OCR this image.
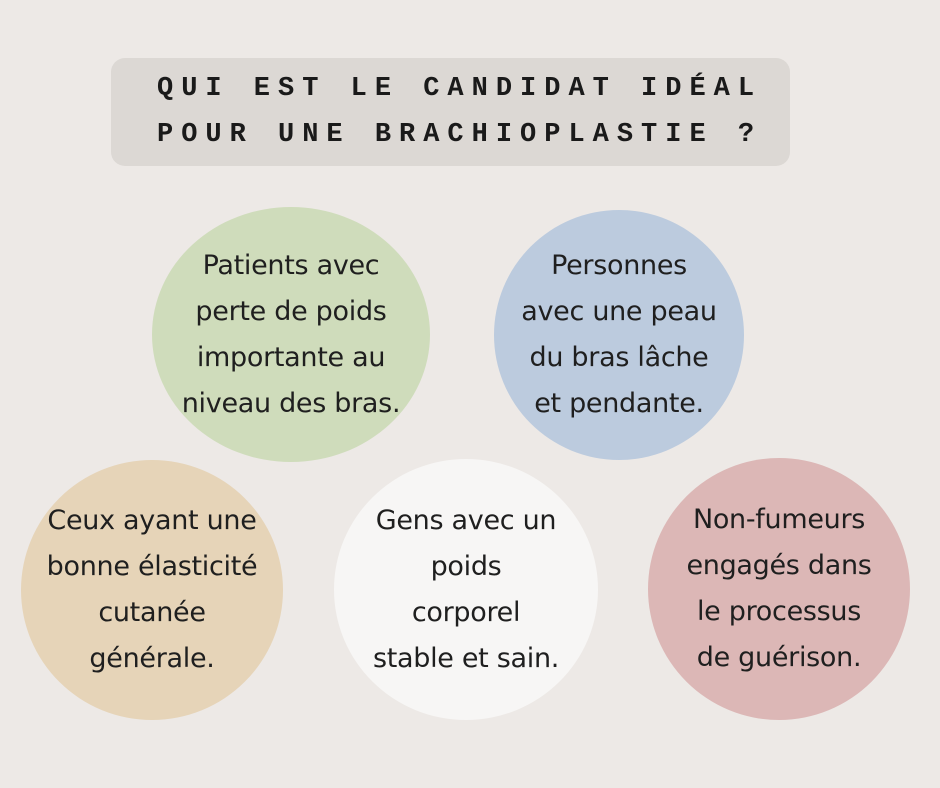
QUI EST LE CANDIDAT IDÉAL
POUR UNE BRACHIOPLASTIE ?
Patients avec
perte de poids
importante au
niveau des bras.
Personnes
avec une peau
du bras lâche
et pendante.
Ceux ayant une
bonne élasticité
cutanée
générale.
Gens avec un
poids
corporel
stable et sain.
Non-fumeurs
engagés dans
le processus
de guérison.
